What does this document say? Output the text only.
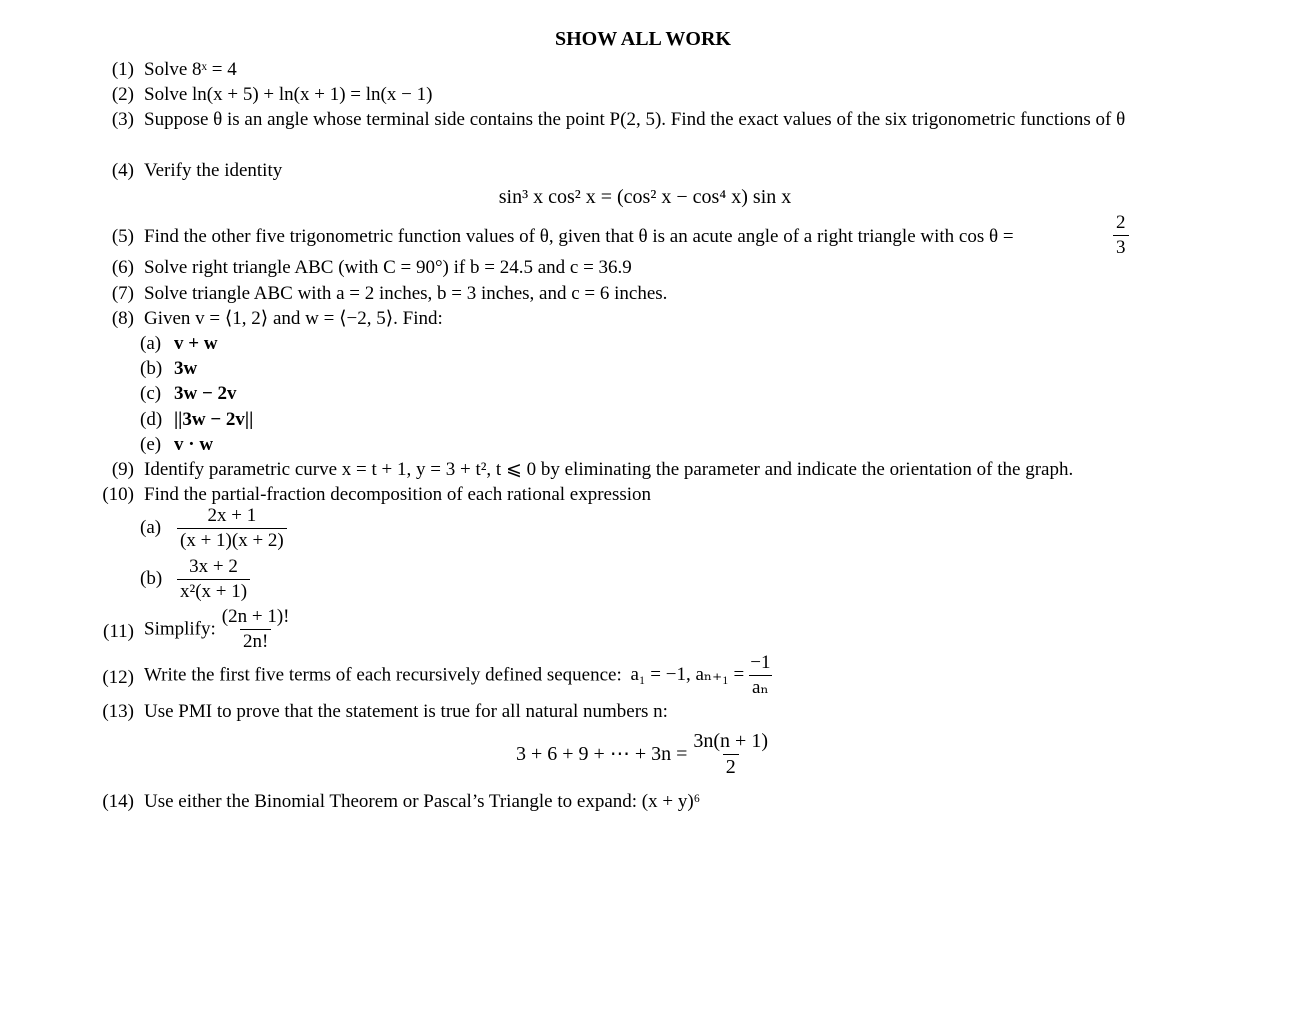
SHOW ALL WORK
(1) Solve 8ˣ = 4
(2) Solve ln(x + 5) + ln(x + 1) = ln(x − 1)
(3) Suppose θ is an angle whose terminal side contains the point P(2, 5). Find the exact values of the six trigonometric functions of θ
(4) Verify the identity
sin³ x cos² x = (cos² x − cos⁴ x) sin x
(5) Find the other five trigonometric function values of θ, given that θ is an acute angle of a right triangle with cos θ =	$\frac{2}{3}$
(6) Solve right triangle ABC (with C = 90°) if b = 24.5 and c = 36.9
(7) Solve triangle ABC with a = 2 inches, b = 3 inches, and c = 6 inches.
(8) Given v = ⟨1, 2⟩ and w = ⟨−2, 5⟩. Find:
(a) v + w
(b) 3w
(c) 3w − 2v
(d) ||3w − 2v||
(e) v · w
(9) Identify parametric curve x = t + 1, y = 3 + t², t ⩽ 0 by eliminating the parameter and indicate the orientation of the graph.
(10) Find the partial-fraction decomposition of each rational expression
$(a) \frac{2x + 1}{(x + 1)(x + 2)}$
$(b) \frac{3x + 2}{\text{x²(x + 1)}}$
(11) Simplify: $\frac{(2n + 1)!}{2n!}$
(12) Write the first five terms of each recursively defined sequence: a₁ = −1, $a_{n+1} = \frac{-1}{\text{aₙ}}$
(13) Use PMI to prove that the statement is true for all natural numbers n:
3 + 6 + 9 + ⋯ + $3n = \frac{3n(n + 1)}{2}$
(14) Use either the Binomial Theorem or Pascal’s Triangle to expand: (x + y)⁶
